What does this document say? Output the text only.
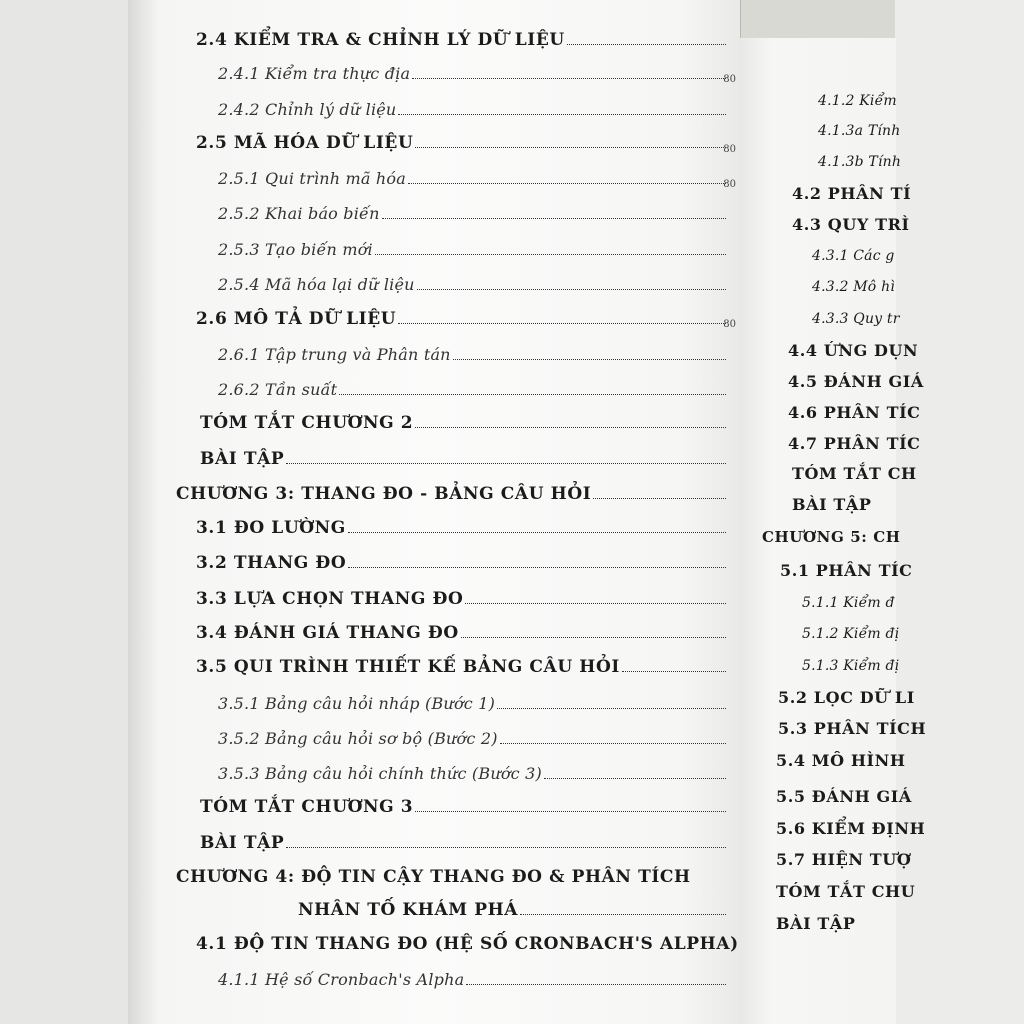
2.4 KIỂM TRA & CHỈNH LÝ DỮ LIỆU
2.4.1 Kiểm tra thực địa
2.4.2 Chỉnh lý dữ liệu
2.5 MÃ HÓA DỮ LIỆU
2.5.1 Qui trình mã hóa
2.5.2 Khai báo biến
2.5.3 Tạo biến mới
2.5.4 Mã hóa lại dữ liệu
2.6 MÔ TẢ DỮ LIỆU
2.6.1 Tập trung và Phân tán
2.6.2 Tần suất
TÓM TẮT CHƯƠNG 2
BÀI TẬP
CHƯƠNG 3: THANG ĐO - BẢNG CÂU HỎI
3.1 ĐO LƯỜNG
3.2 THANG ĐO
3.3 LỰA CHỌN THANG ĐO
3.4 ĐÁNH GIÁ THANG ĐO
3.5 QUI TRÌNH THIẾT KẾ BẢNG CÂU HỎI
3.5.1 Bảng câu hỏi nháp (Bước 1)
3.5.2 Bảng câu hỏi sơ bộ (Bước 2)
3.5.3 Bảng câu hỏi chính thức (Bước 3)
TÓM TẮT CHƯƠNG 3
BÀI TẬP
CHƯƠNG 4: ĐỘ TIN CẬY THANG ĐO & PHÂN TÍCH
NHÂN TỐ KHÁM PHÁ
4.1 ĐỘ TIN THANG ĐO (HỆ SỐ CRONBACH'S ALPHA)
4.1.1 Hệ số Cronbach's Alpha
80
80
80
80
4.1.2 Kiểm
4.1.3a Tính
4.1.3b Tính
4.2 PHÂN TÍ
4.3 QUY TRÌ
4.3.1 Các g
4.3.2 Mô hì
4.3.3 Quy tr
4.4 ỨNG DỤN
4.5 ĐÁNH GIÁ
4.6 PHÂN TÍC
4.7 PHÂN TÍC
TÓM TẮT CH
BÀI TẬP
CHƯƠNG 5: CH
5.1 PHÂN TÍC
5.1.1 Kiểm đ
5.1.2 Kiểm đị
5.1.3 Kiểm đị
5.2 LỌC DỮ LI
5.3 PHÂN TÍCH
5.4 MÔ HÌNH
5.5 ĐÁNH GIÁ
5.6 KIỂM ĐỊNH
5.7 HIỆN TƯỢ
TÓM TẮT CHU
BÀI TẬP
